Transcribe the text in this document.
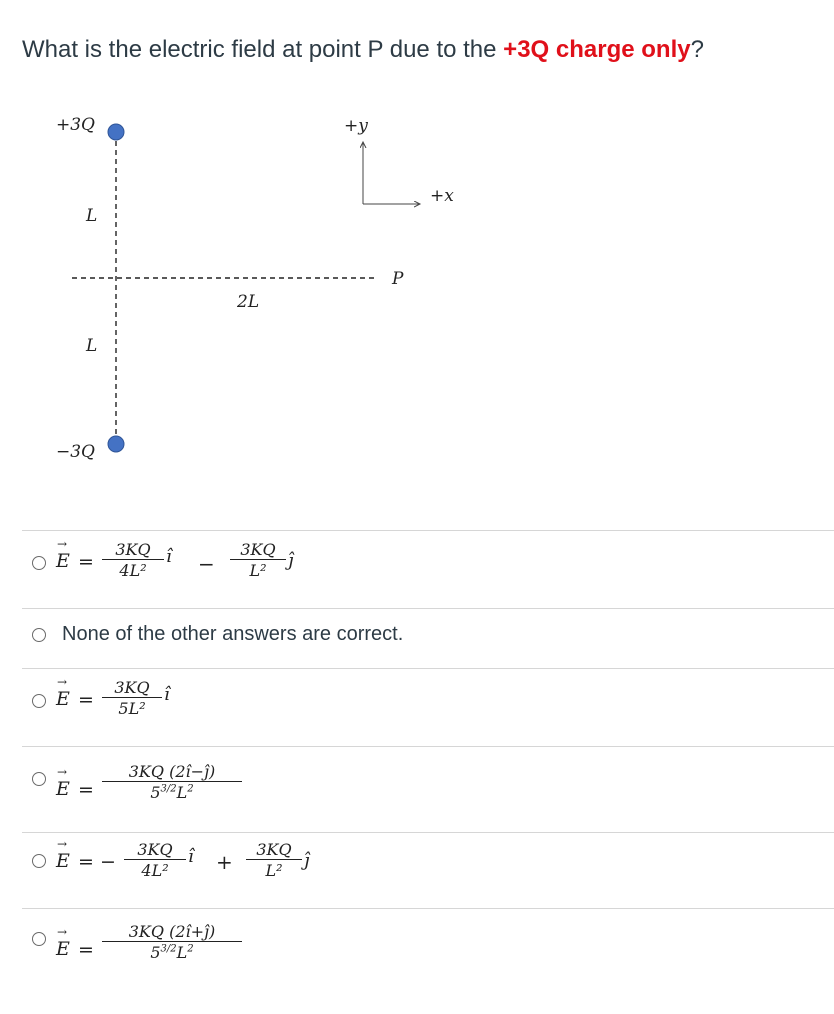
What is the electric field at point P due to the +3Q charge only?
+3Q
−3Q
L
L
2L
P
+y
+x
→ $E = \frac{3KQ}{\text{4L²}}$ î − $\frac{3KQ}{\text{L²}}$ ĵ
None of the other answers are correct.
→ $E = \frac{3KQ}{\text{5L²}}$ î
→ $E = \frac{3KQ (2î-ĵ)}{5^{3/2}L^2}$
→ E = − $\frac{3KQ}{\text{4L²}}$ î + $\frac{3KQ}{\text{L²}}$ ĵ
→ $E = \frac{3KQ (2î+ĵ)}{5^{3/2}L^2}$
